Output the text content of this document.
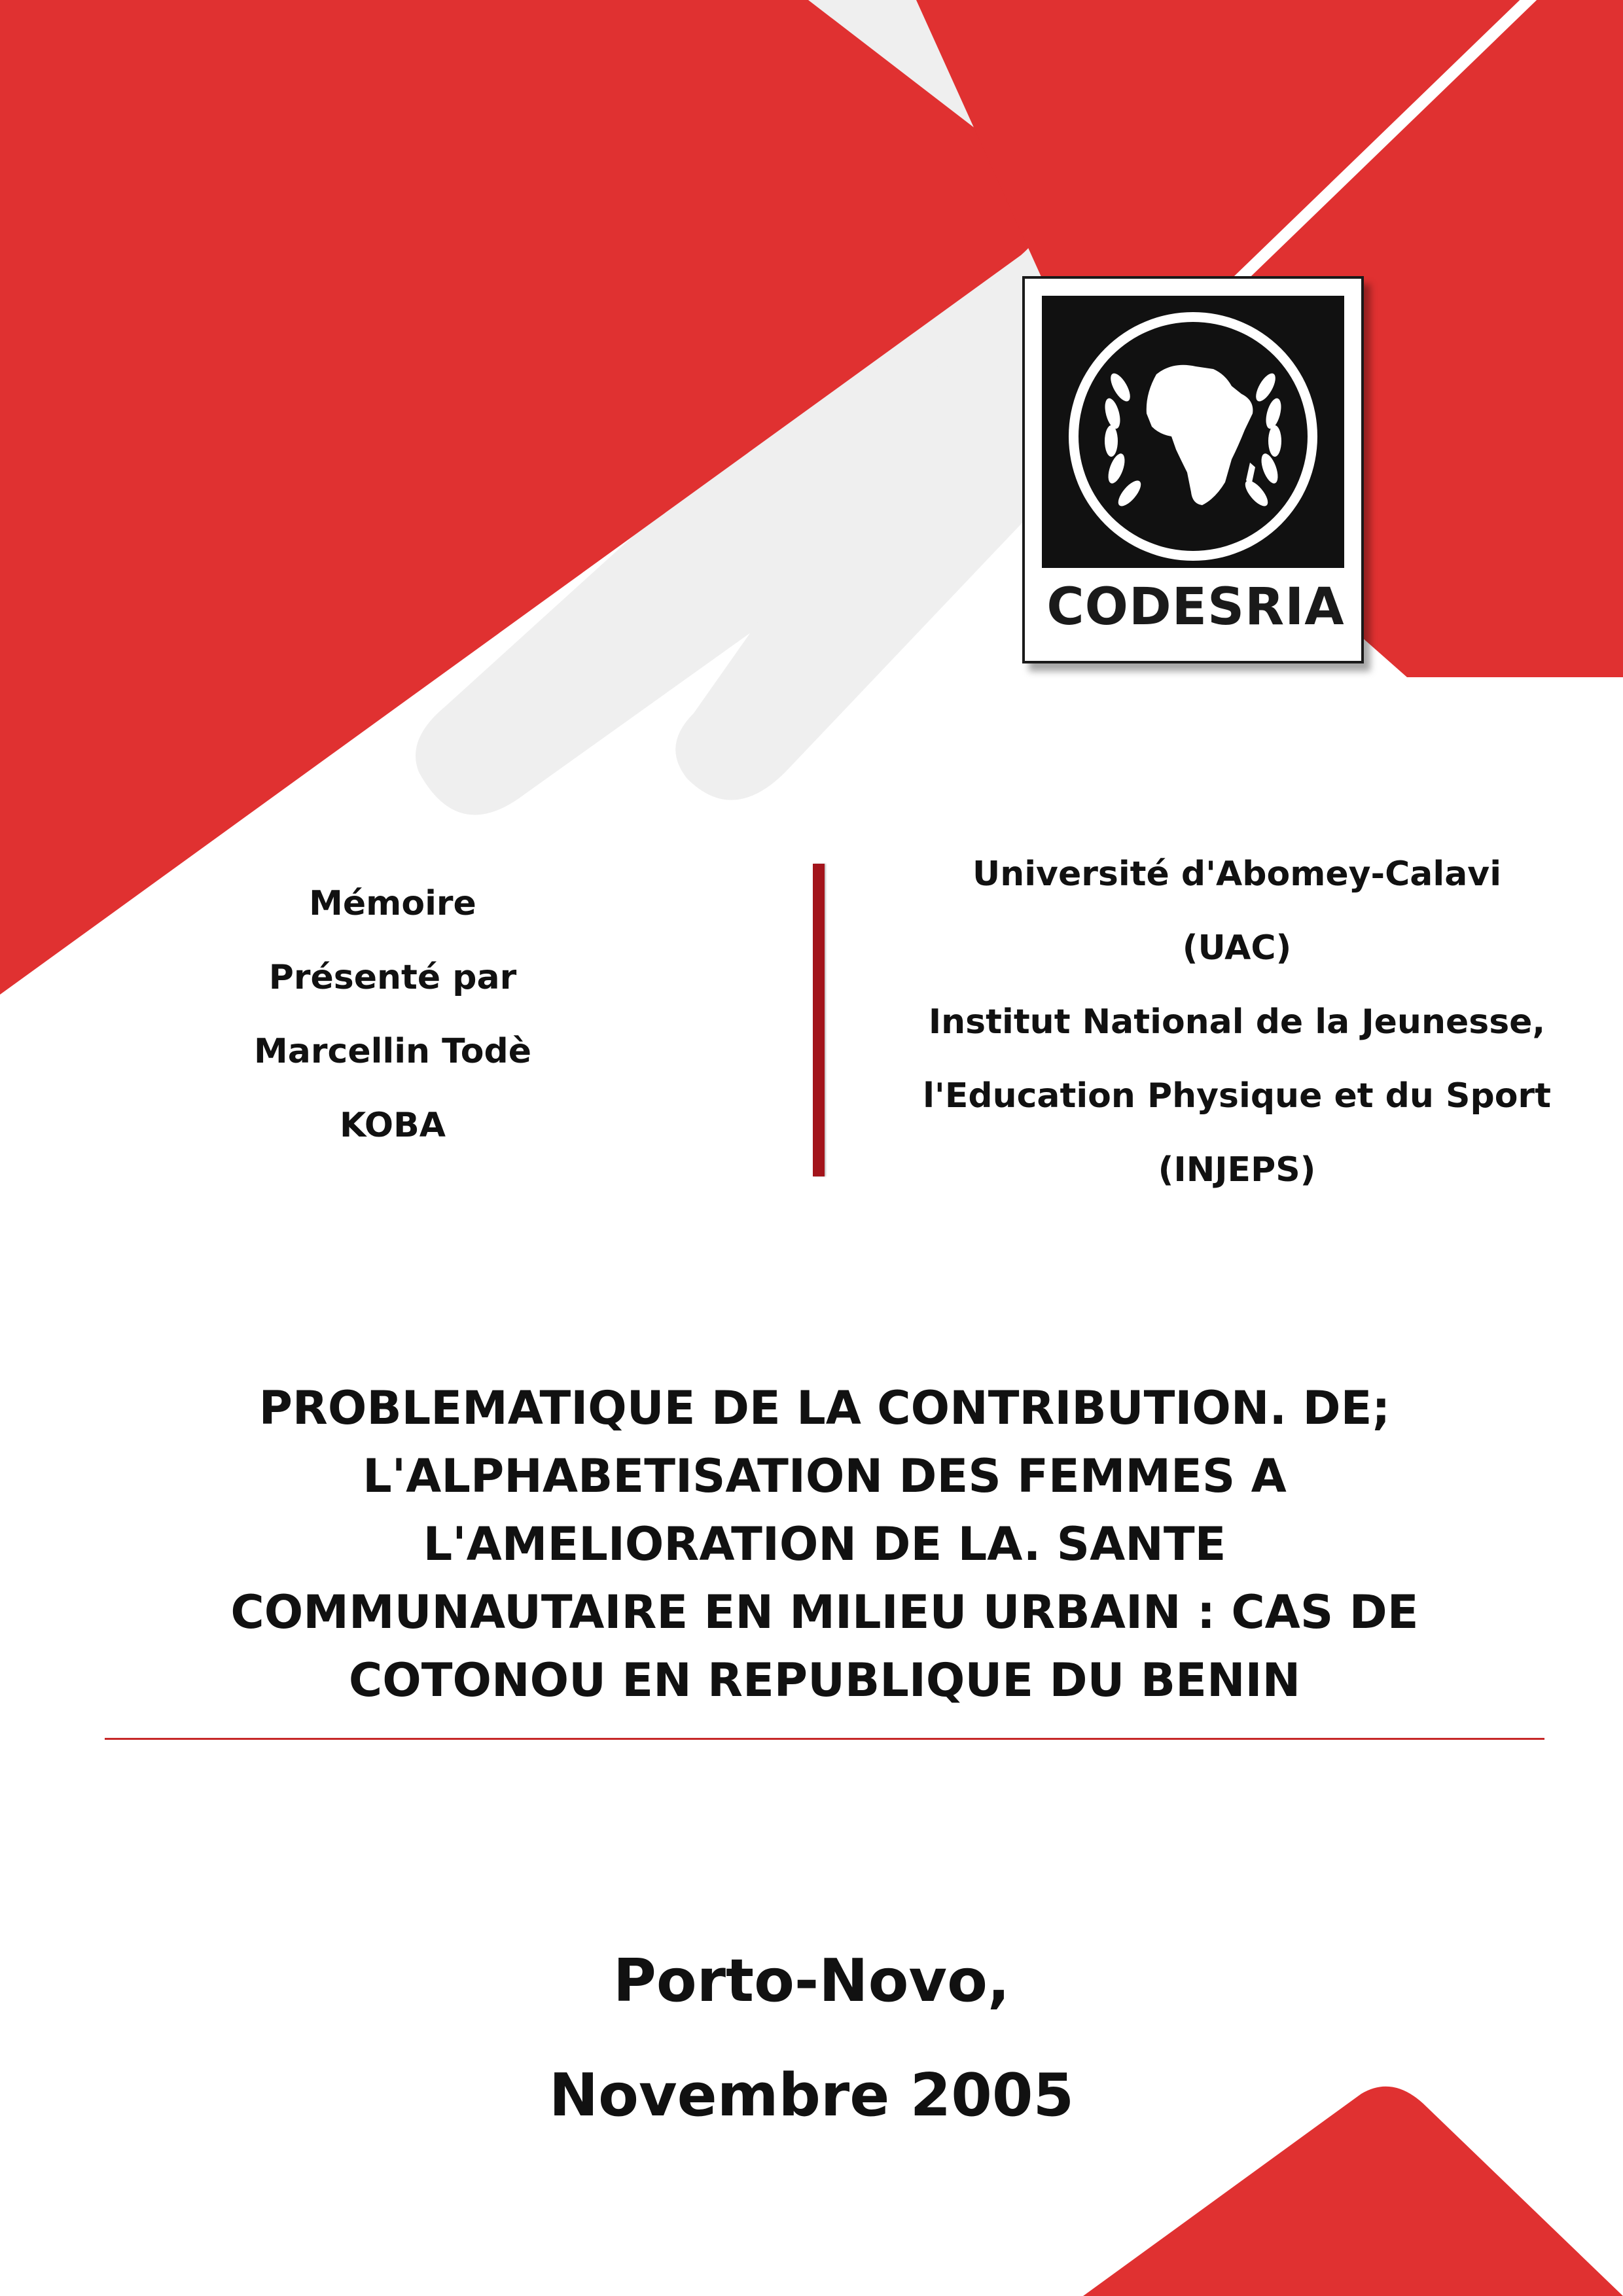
CODESRIA
Mémoire
Présenté par
Marcellin Todè
KOBA
Université d'Abomey-Calavi
(UAC)
Institut National de la Jeunesse,
l'Education Physique et du Sport
(INJEPS)
PROBLEMATIQUE DE LA CONTRIBUTION. DE;
L'ALPHABETISATION DES FEMMES A
L'AMELIORATION DE LA. SANTE
COMMUNAUTAIRE EN MILIEU URBAIN : CAS DE
COTONOU EN REPUBLIQUE DU BENIN
Porto-Novo,
Novembre 2005
